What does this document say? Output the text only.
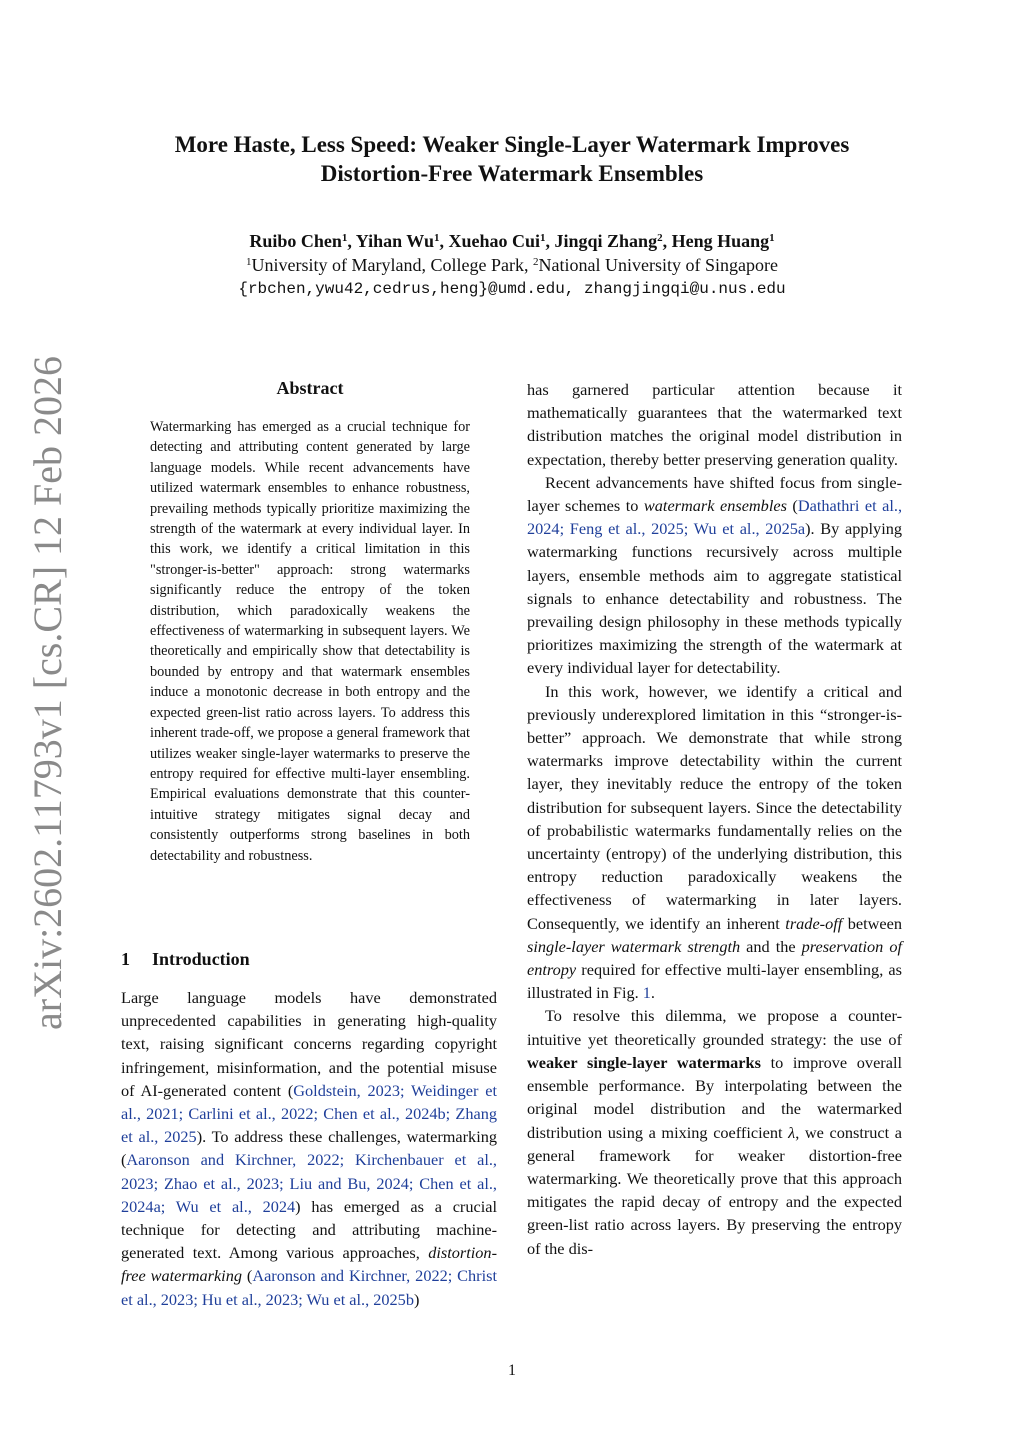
More Haste, Less Speed: Weaker Single-Layer Watermark Improves
Distortion-Free Watermark Ensembles
Ruibo Chen$^1$, Yihan Wu$^1$, Xuehao Cui$^1$, Jingqi Zhang$^2$, Heng Huang$^1$
$^1$University of Maryland, College Park, $^2$National University of Singapore
{rbchen,ywu42,cedrus,heng}@umd.edu, zhangjingqi@u.nus.edu
arXiv:2602.11793v1 [cs.CR] 12 Feb 2026	Abstract
Watermarking has emerged as a crucial technique for detecting and attributing content generated by large language models. While recent advancements have utilized watermark ensembles to enhance robustness, prevailing methods typically prioritize maximizing the strength of the watermark at every individual layer. In this work, we identify a critical limitation in this "stronger-is-better" approach: strong watermarks significantly reduce the entropy of the token distribution, which paradoxically weakens the effectiveness of watermarking in subsequent layers. We theoretically and empirically show that detectability is bounded by entropy and that watermark ensembles induce a monotonic decrease in both entropy and the expected green-list ratio across layers. To address this inherent trade-off, we propose a general framework that utilizes weaker single-layer watermarks to preserve the entropy required for effective multi-layer ensembling. Empirical evaluations demonstrate that this counter-intuitive strategy mitigates signal decay and consistently outperforms strong baselines in both detectability and robustness.
1 Introduction
Large language models have demonstrated unprecedented capabilities in generating high-quality text, raising significant concerns regarding copyright infringement, misinformation, and the potential misuse of AI-generated content (Goldstein, 2023; Weidinger et al., 2021; Carlini et al., 2022; Chen et al., 2024b; Zhang et al., 2025). To address these challenges, watermarking (Aaronson and Kirchner, 2022; Kirchenbauer et al., 2023; Zhao et al., 2023; Liu and Bu, 2024; Chen et al., 2024a; Wu et al., 2024) has emerged as a crucial technique for detecting and attributing machine-generated text. Among various approaches, distortion-free watermarking (Aaronson and Kirchner, 2022; Christ et al., 2023; Hu et al., 2023; Wu et al., 2025b)

has garnered particular attention because it mathematically guarantees that the watermarked text distribution matches the original model distribution in expectation, thereby better preserving generation quality.

Recent advancements have shifted focus from single-layer schemes to watermark ensembles (Dathathri et al., 2024; Feng et al., 2025; Wu et al., 2025a). By applying watermarking functions recursively across multiple layers, ensemble methods aim to aggregate statistical signals to enhance detectability and robustness. The prevailing design philosophy in these methods typically prioritizes maximizing the strength of the watermark at every individual layer for detectability.

In this work, however, we identify a critical and previously underexplored limitation in this “stronger-is-better” approach. We demonstrate that while strong watermarks improve detectability within the current layer, they inevitably reduce the entropy of the token distribution for subsequent layers. Since the detectability of probabilistic watermarks fundamentally relies on the uncertainty (entropy) of the underlying distribution, this entropy reduction paradoxically weakens the effectiveness of watermarking in later layers. Consequently, we identify an inherent trade-off between single-layer watermark strength and the preservation of entropy required for effective multi-layer ensembling, as illustrated in Fig. 1.

To resolve this dilemma, we propose a counter-intuitive yet theoretically grounded strategy: the use of weaker single-layer watermarks to improve overall ensemble performance. By interpolating between the original model distribution and the watermarked distribution using a mixing coefficient λ, we construct a general framework for weaker distortion-free watermarking. We theoretically prove that this approach mitigates the rapid decay of entropy and the expected green-list ratio across layers. By preserving the entropy of the dis-

1
